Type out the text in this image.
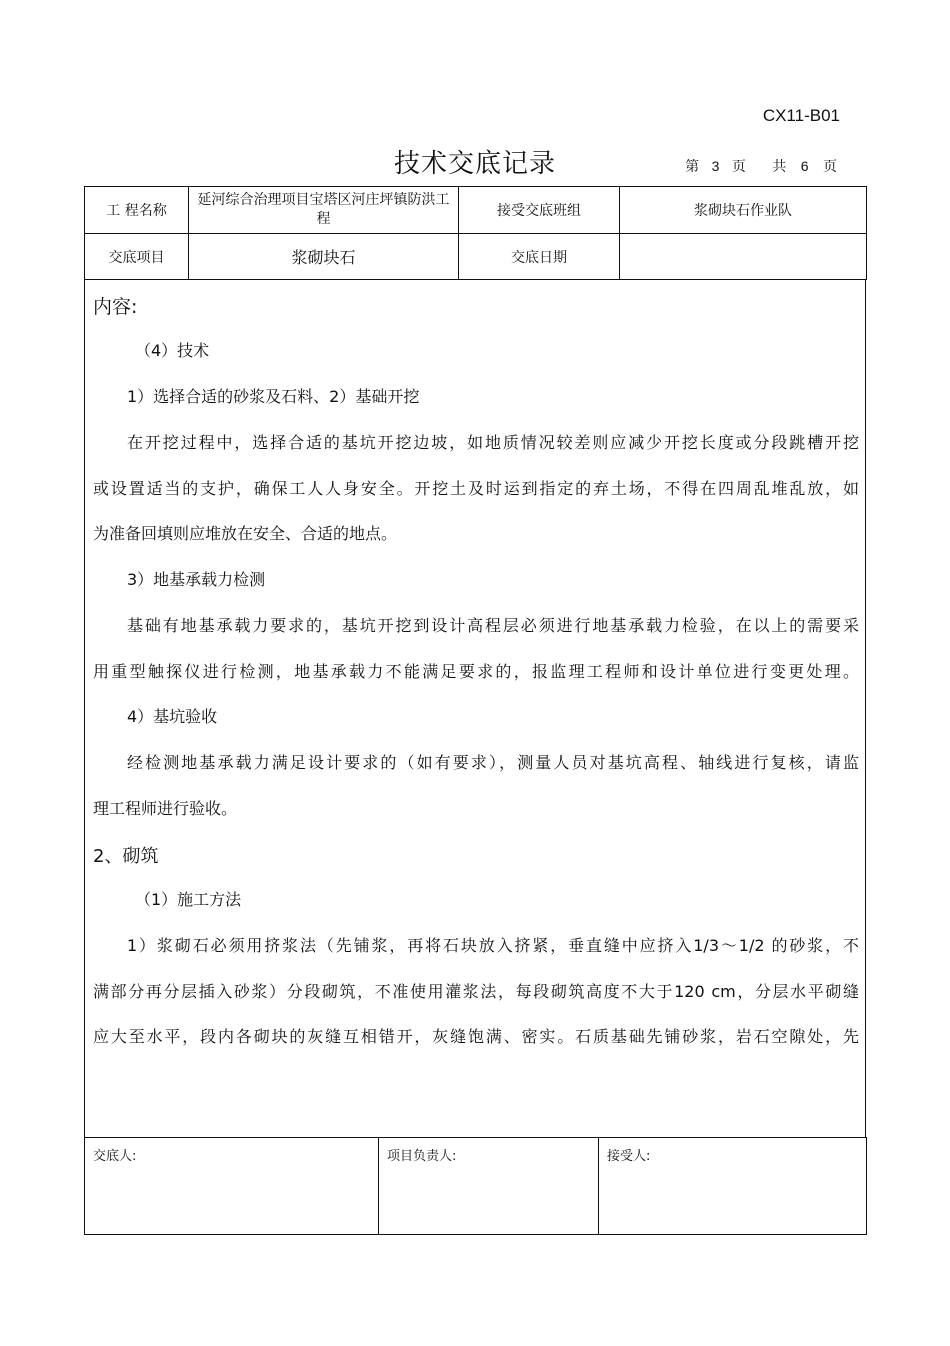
CX11-B01
技术交底记录	第 3 页 共 6 页
工 程名称	延河综合治理项目宝塔区河庄坪镇防洪工程	接受交底班组	浆砌块石作业队
交底项目	浆砌块石	交底日期	
内容:
（4）技术
1）选择合适的砂浆及石料、2）基础开挖
在开挖过程中，选择合适的基坑开挖边坡，如地质情况较差则应减少开挖长度或分段跳槽开挖
或设置适当的支护，确保工人人身安全。开挖土及时运到指定的弃土场，不得在四周乱堆乱放，如
为准备回填则应堆放在安全、合适的地点。
3）地基承载力检测
基础有地基承载力要求的，基坑开挖到设计高程层必须进行地基承载力检验，在以上的需要采
用重型触探仪进行检测，地基承载力不能满足要求的，报监理工程师和设计单位进行变更处理。
4）基坑验收
经检测地基承载力满足设计要求的（如有要求），测量人员对基坑高程、轴线进行复核，请监
理工程师进行验收。
2、砌筑
（1）施工方法
1）浆砌石必须用挤浆法（先铺浆，再将石块放入挤紧，垂直缝中应挤入1/3～1/2 的砂浆，不
满部分再分层插入砂浆）分段砌筑，不准使用灌浆法，每段砌筑高度不大于120 cm，分层水平砌缝
应大至水平，段内各砌块的灰缝互相错开，灰缝饱满、密实。石质基础先铺砂浆，岩石空隙处，先
交底人:	项目负责人:	接受人:
